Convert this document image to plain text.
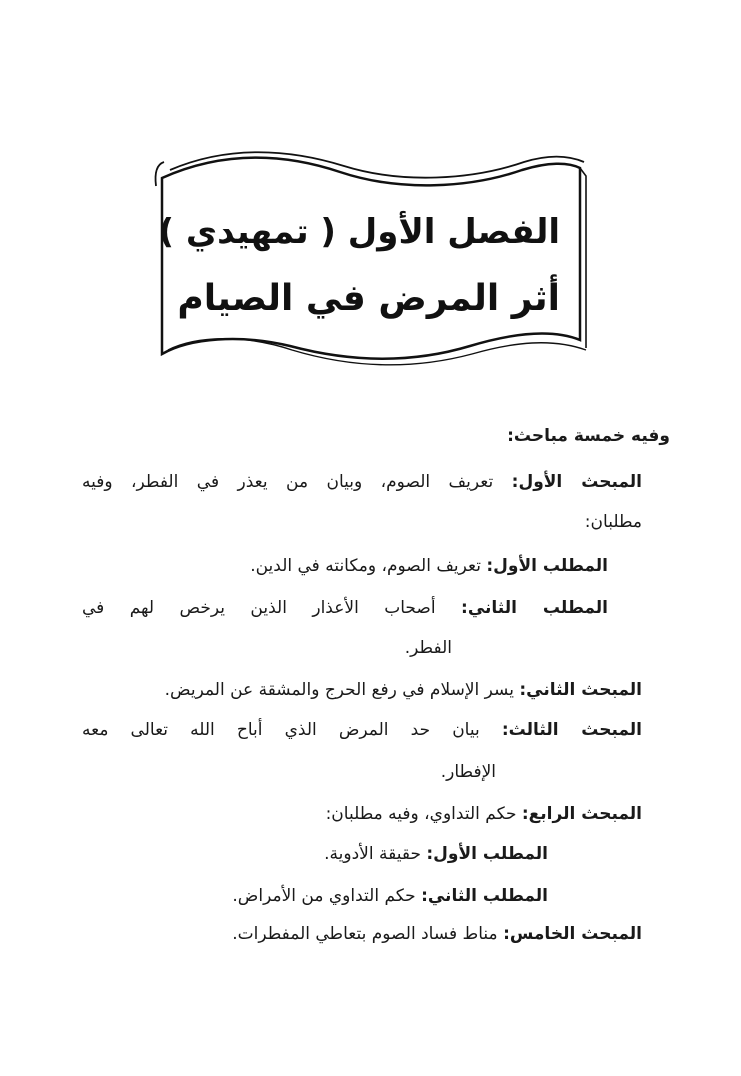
الفصل الأول ( تمهيدي )
أثر المرض في الصيام
وفيه خمسة مباحث:
المبحث الأول: تعريف الصوم، وبيان من يعذر في الفطر، وفيه
مطلبان:
المطلب الأول: تعريف الصوم، ومكانته في الدين.
المطلب الثاني: أصحاب الأعذار الذين يرخص لهم في
الفطر.
المبحث الثاني: يسر الإسلام في رفع الحرج والمشقة عن المريض.
المبحث الثالث: بيان حد المرض الذي أباح الله تعالى معه
الإفطار.
المبحث الرابع: حكم التداوي، وفيه مطلبان:
المطلب الأول: حقيقة الأدوية.
المطلب الثاني: حكم التداوي من الأمراض.
المبحث الخامس: مناط فساد الصوم بتعاطي المفطرات.
